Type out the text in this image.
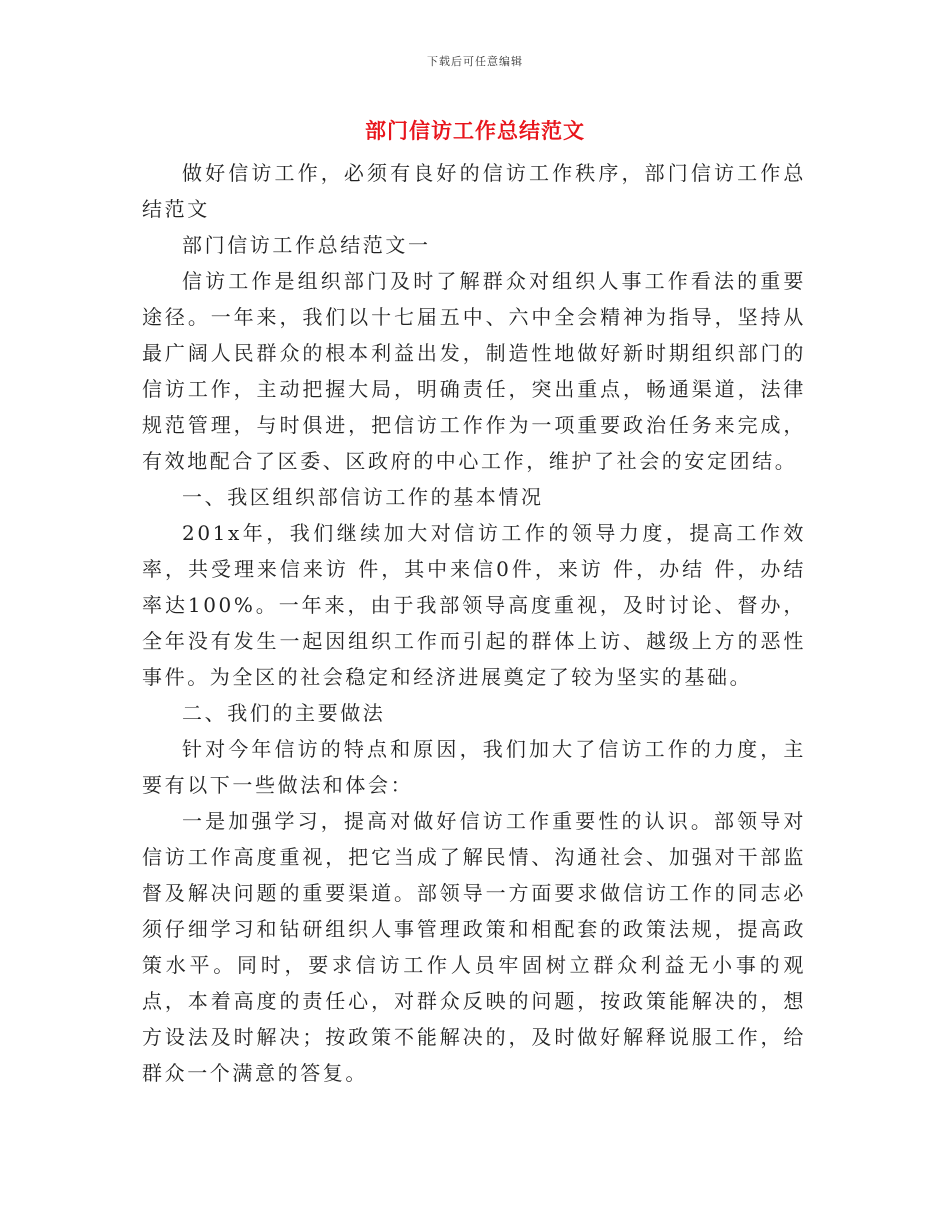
下载后可任意编辑
部门信访工作总结范文

做好信访工作，必须有良好的信访工作秩序，部门信访工作总结范文

部门信访工作总结范文一

信访工作是组织部门及时了解群众对组织人事工作看法的重要途径。一年来，我们以十七届五中、六中全会精神为指导，坚持从最广阔人民群众的根本利益出发，制造性地做好新时期组织部门的信访工作，主动把握大局，明确责任，突出重点，畅通渠道，法律规范管理，与时俱进，把信访工作作为一项重要政治任务来完成，有效地配合了区委、区政府的中心工作，维护了社会的安定团结。

一、我区组织部信访工作的基本情况

201x年，我们继续加大对信访工作的领导力度，提高工作效率，共受理来信来访 件，其中来信0件，来访 件，办结 件，办结率达100%。一年来，由于我部领导高度重视，及时讨论、督办，全年没有发生一起因组织工作而引起的群体上访、越级上方的恶性事件。为全区的社会稳定和经济进展奠定了较为坚实的基础。

二、我们的主要做法

针对今年信访的特点和原因，我们加大了信访工作的力度，主要有以下一些做法和体会：

一是加强学习，提高对做好信访工作重要性的认识。部领导对信访工作高度重视，把它当成了解民情、沟通社会、加强对干部监督及解决问题的重要渠道。部领导一方面要求做信访工作的同志必须仔细学习和钻研组织人事管理政策和相配套的政策法规，提高政策水平。同时，要求信访工作人员牢固树立群众利益无小事的观点，本着高度的责任心，对群众反映的问题，按政策能解决的，想方设法及时解决；按政策不能解决的，及时做好解释说服工作，给群众一个满意的答复。
